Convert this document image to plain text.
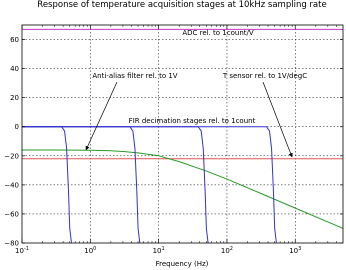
Response of temperature acquisition stages at 10kHz sampling rate
−80
−60
−40
−20
0
20
40
60
$10^{-1}$	$10^0$	$10^1$	$10^2$	$10^3$
ADC rel. to 1count/V
Anti-alias filter rel. to 1V	T sensor rel. to 1V/degC
FIR decimation stages rel. to 1count
Frequency (Hz)
